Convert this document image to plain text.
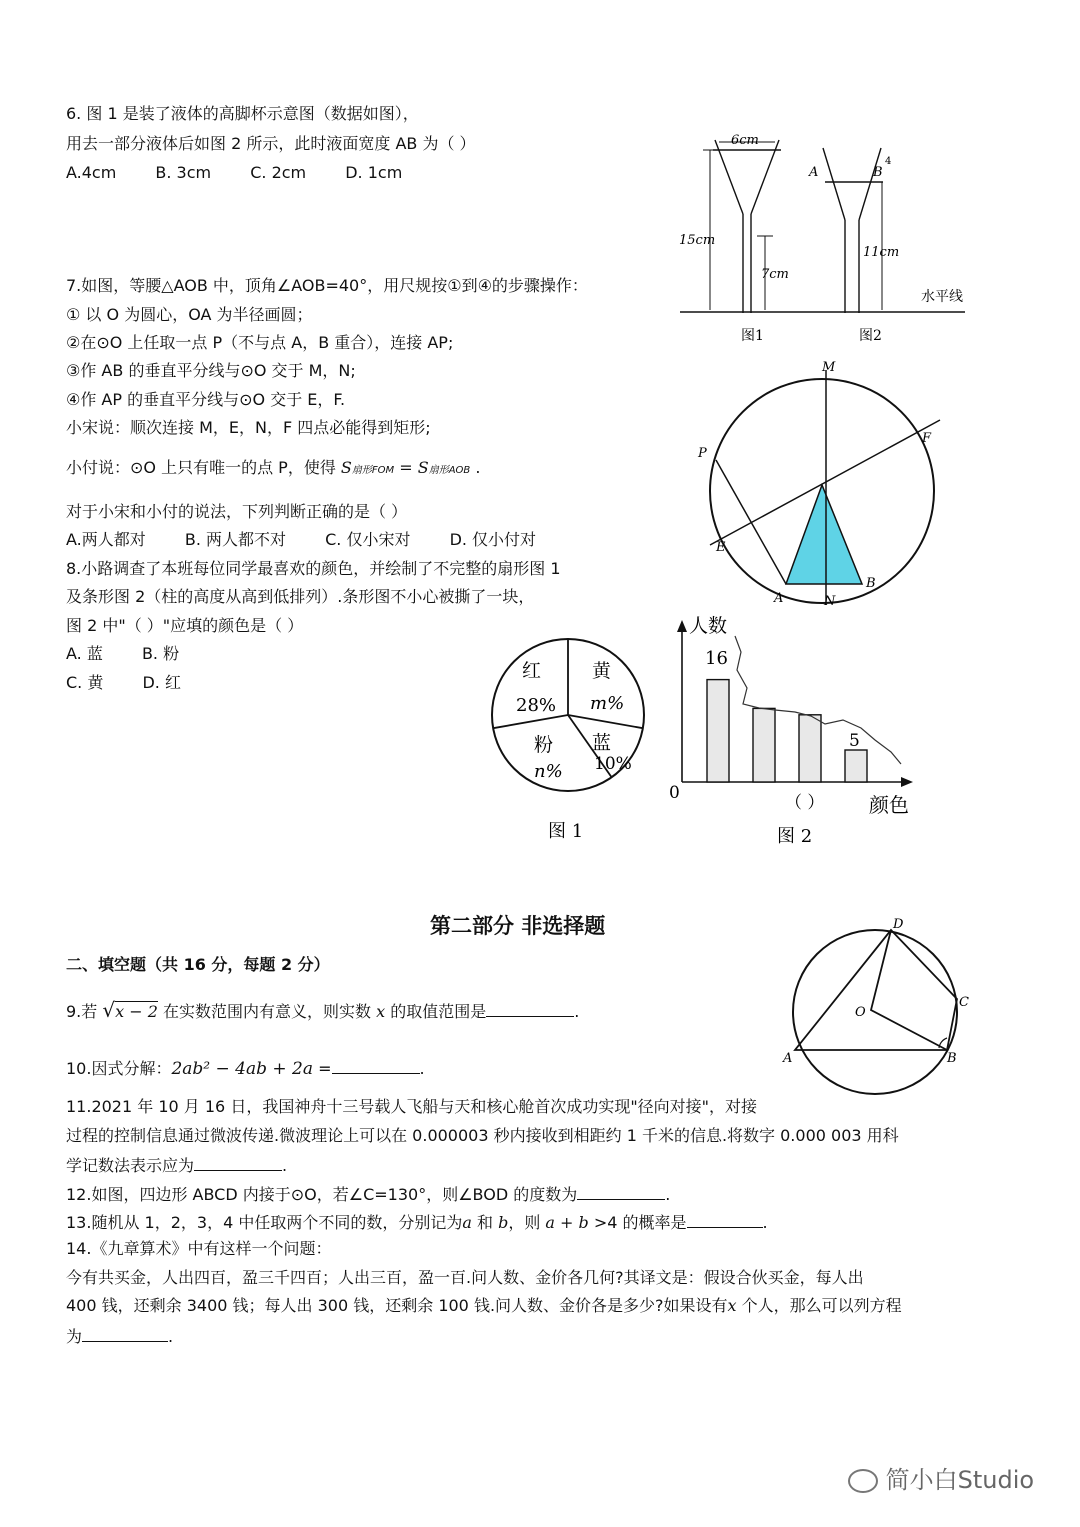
6. 图 1 是装了液体的高脚杯示意图（数据如图），
用去一部分液体后如图 2 所示，此时液面宽度 AB 为（ ）
A.4cm B. 3cm C. 2cm D. 1cm
6cm
15cm
7cm
11cm
A	B
4
水平线
图1	图2
7.如图，等腰△AOB 中，顶角∠AOB=40°，用尺规按①到④的步骤操作：
① 以 O 为圆心，OA 为半径画圆；
②在⊙O 上任取一点 P（不与点 A，B 重合），连接 AP;
③作 AB 的垂直平分线与⊙O 交于 M，N;
④作 AP 的垂直平分线与⊙O 交于 E，F.
小宋说：顺次连接 M，E，N，F 四点必能得到矩形;
小付说：⊙O 上只有唯一的点 P，使得 S扇形FOM = S扇形AOB .
对于小宋和小付的说法，下列判断正确的是（ ）
A.两人都对 B. 两人都不对 C. 仅小宋对 D. 仅小付对
M
F
P
E
A	N
B
8.小路调查了本班每位同学最喜欢的颜色，并绘制了不完整的扇形图 1
及条形图 2（柱的高度从高到低排列）.条形图不小心被撕了一块，
图 2 中"（ ）"应填的颜色是（ ）
A. 蓝 B. 粉
C. 黄 D. 红
红
28%
黄
m%
粉
n%
蓝
10%
图 1
人数
16
5
0	（ ） 颜色
图 2
第二部分 非选择题
二、填空题（共 16 分，每题 2 分）
9.若 √x − 2 在实数范围内有意义，则实数 x 的取值范围是	.
10.因式分解：2ab² − 4ab + 2a =	.
11.2021 年 10 月 16 日，我国神舟十三号载人飞船与天和核心舱首次成功实现"径向对接"，对接
过程的控制信息通过微波传递.微波理论上可以在 0.000003 秒内接收到相距约 1 千米的信息.将数字 0.000 003 用科
学记数法表示应为	.
12.如图，四边形 ABCD 内接于⊙O，若∠C=130°，则∠BOD 的度数为	.
13.随机从 1，2，3，4 中任取两个不同的数，分别记为a 和 b，则 a + b >4 的概率是	.
14.《九章算术》中有这样一个问题：
今有共买金，人出四百，盈三千四百；人出三百，盈一百.问人数、金价各几何?其译文是：假设合伙买金，每人出
400 钱，还剩余 3400 钱；每人出 300 钱，还剩余 100 钱.问人数、金价各是多少?如果设有x 个人，那么可以列方程
为	.
D
C
O
A	B
简小白Studio
